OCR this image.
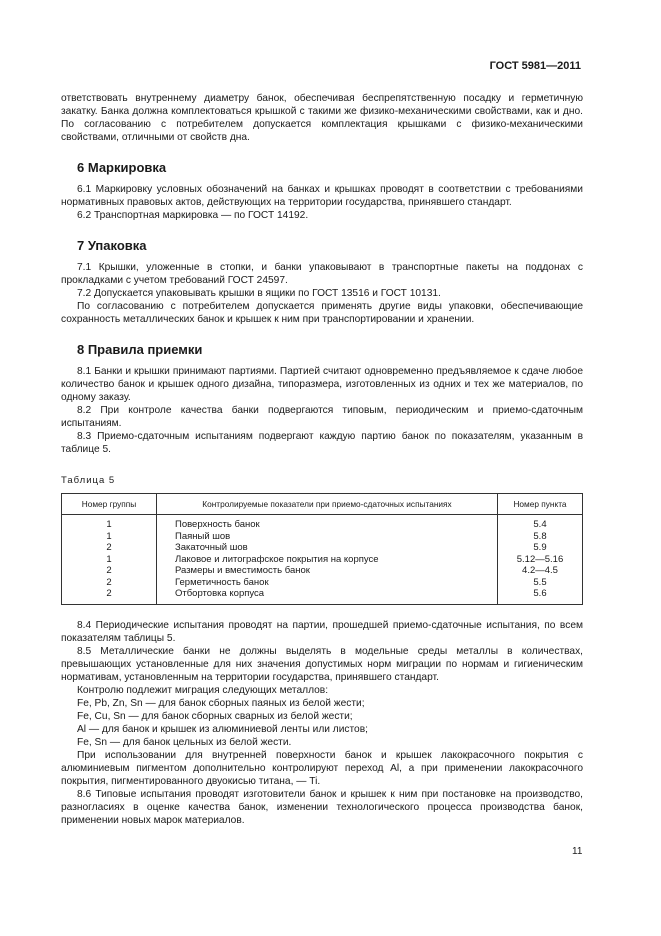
ГОСТ 5981—2011

ответствовать внутреннему диаметру банок, обеспечивая беспрепятственную посадку и герметичную закатку. Банка должна комплектоваться крышкой с такими же физико-механическими свойствами, как и дно. По согласованию с потребителем допускается комплектация крышками с физико-механическими свойствами, отличными от свойств дна.

6 Маркировка

6.1 Маркировку условных обозначений на банках и крышках проводят в соответствии с требованиями нормативных правовых актов, действующих на территории государства, принявшего стандарт.

6.2 Транспортная маркировка — по ГОСТ 14192.

7 Упаковка

7.1 Крышки, уложенные в стопки, и банки упаковывают в транспортные пакеты на поддонах с прокладками с учетом требований ГОСТ 24597.

7.2 Допускается упаковывать крышки в ящики по ГОСТ 13516 и ГОСТ 10131.

По согласованию с потребителем допускается применять другие виды упаковки, обеспечивающие сохранность металлических банок и крышек к ним при транспортировании и хранении.

8 Правила приемки

8.1 Банки и крышки принимают партиями. Партией считают одновременно предъявляемое к сдаче любое количество банок и крышек одного дизайна, типоразмера, изготовленных из одних и тех же материалов, по одному заказу.

8.2 При контроле качества банки подвергаются типовым, периодическим и приемо-сдаточным испытаниям.

8.3 Приемо-сдаточным испытаниям подвергают каждую партию банок по показателям, указанным в таблице 5.

Таблица 5
Номер группы	Контролируемые показатели при приемо-сдаточных испытаниях	Номер пункта
1	Поверхность банок	5.4
1	Паяный шов	5.8
2	Закаточный шов	5.9
1	Лаковое и литографское покрытия на корпусе	5.12—5.16
2	Размеры и вместимость банок	4.2—4.5
2	Герметичность банок	5.5
2	Отбортовка корпуса	5.6

8.4 Периодические испытания проводят на партии, прошедшей приемо-сдаточные испытания, по всем показателям таблицы 5.

8.5 Металлические банки не должны выделять в модельные среды металлы в количествах, превышающих установленные для них значения допустимых норм миграции по нормам и гигиеническим нормативам, установленным на территории государства, принявшего стандарт.

Контролю подлежит миграция следующих металлов:

Fe, Pb, Zn, Sn — для банок сборных паяных из белой жести;

Fe, Cu, Sn — для банок сборных сварных из белой жести;

Al — для банок и крышек из алюминиевой ленты или листов;

Fe, Sn — для банок цельных из белой жести.

При использовании для внутренней поверхности банок и крышек лакокрасочного покрытия с алюминиевым пигментом дополнительно контролируют переход Al, а при применении лакокрасочного покрытия, пигментированного двуокисью титана, — Ti.

8.6 Типовые испытания проводят изготовители банок и крышек к ним при постановке на производство, разногласиях в оценке качества банок, изменении технологического процесса производства банок, применении новых марок материалов.

11
